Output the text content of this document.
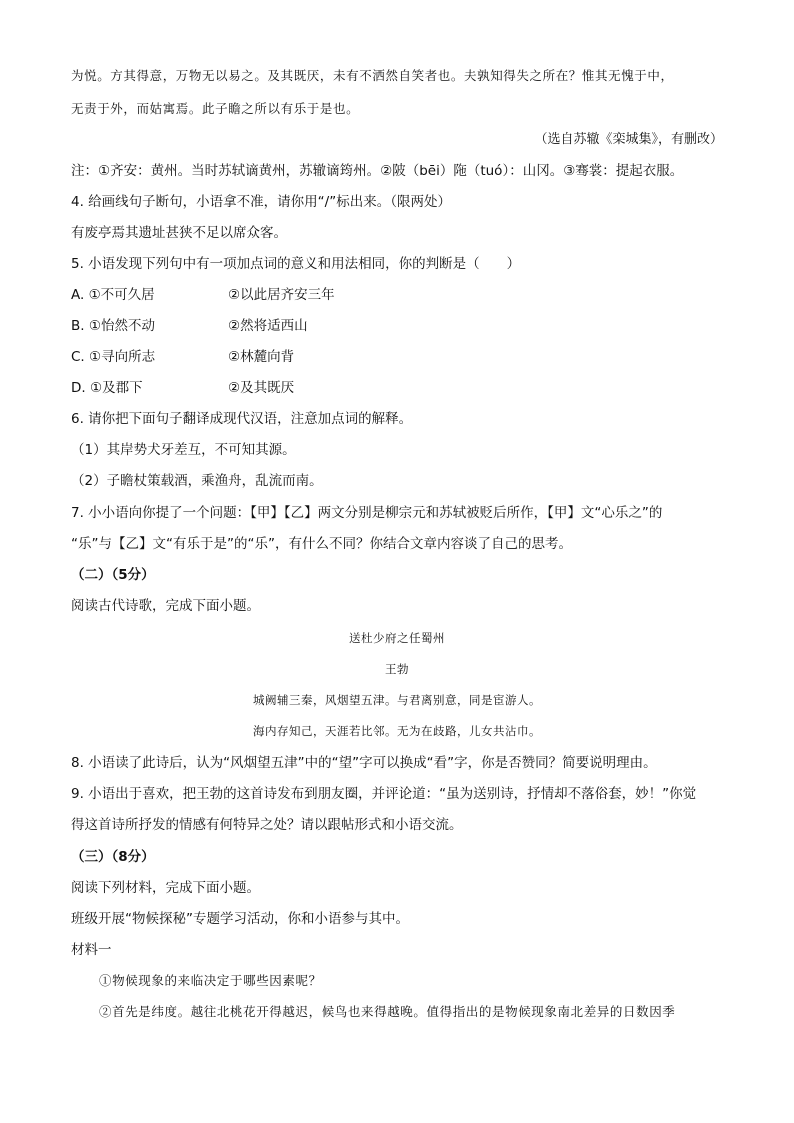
为悦。方其得意，万物无以易之。及其既厌，未有不洒然自笑者也。夫孰知得失之所在？惟其无愧于中，
无责于外，而姑寓焉。此子瞻之所以有乐于是也。
（选自苏辙《栾城集》，有删改）
注：①齐安：黄州。当时苏轼谪黄州，苏辙谪筠州。②陂（bēi）陁（tuó）：山冈。③骞裳：提起衣服。
4. 给画线句子断句，小语拿不准，请你用“/”标出来。（限两处）
有废亭焉其遗址甚狭不足以席众客。
5. 小语发现下列句中有一项加点词的意义和用法相同，你的判断是（　　）
A. ①不可久居	②以此居齐安三年
B. ①怡然不动	②然将适西山
C. ①寻向所志	②林麓向背
D. ①及郡下	②及其既厌
6. 请你把下面句子翻译成现代汉语，注意加点词的解释。
（1）其岸势犬牙差互，不可知其源。
（2）子瞻杖策载酒，乘渔舟，乱流而南。
7. 小小语向你提了一个问题：【甲】【乙】两文分别是柳宗元和苏轼被贬后所作，【甲】文“心乐之”的
“乐”与【乙】文“有乐于是”的“乐”，有什么不同？你结合文章内容谈了自己的思考。
（二）（5分）
阅读古代诗歌，完成下面小题。
送杜少府之任蜀州
王勃
城阙辅三秦，风烟望五津。与君离别意，同是宦游人。
海内存知己，天涯若比邻。无为在歧路，儿女共沾巾。
8. 小语读了此诗后，认为“风烟望五津”中的“望”字可以换成“看”字，你是否赞同？简要说明理由。
9. 小语出于喜欢，把王勃的这首诗发布到朋友圈，并评论道：“虽为送别诗，抒情却不落俗套，妙！”你觉
得这首诗所抒发的情感有何特异之处？请以跟帖形式和小语交流。
（三）（8分）
阅读下列材料，完成下面小题。
班级开展“物候探秘”专题学习活动，你和小语参与其中。
材料一
①物候现象的来临决定于哪些因素呢？
②首先是纬度。越往北桃花开得越迟，候鸟也来得越晚。值得指出的是物候现象南北差异的日数因季
